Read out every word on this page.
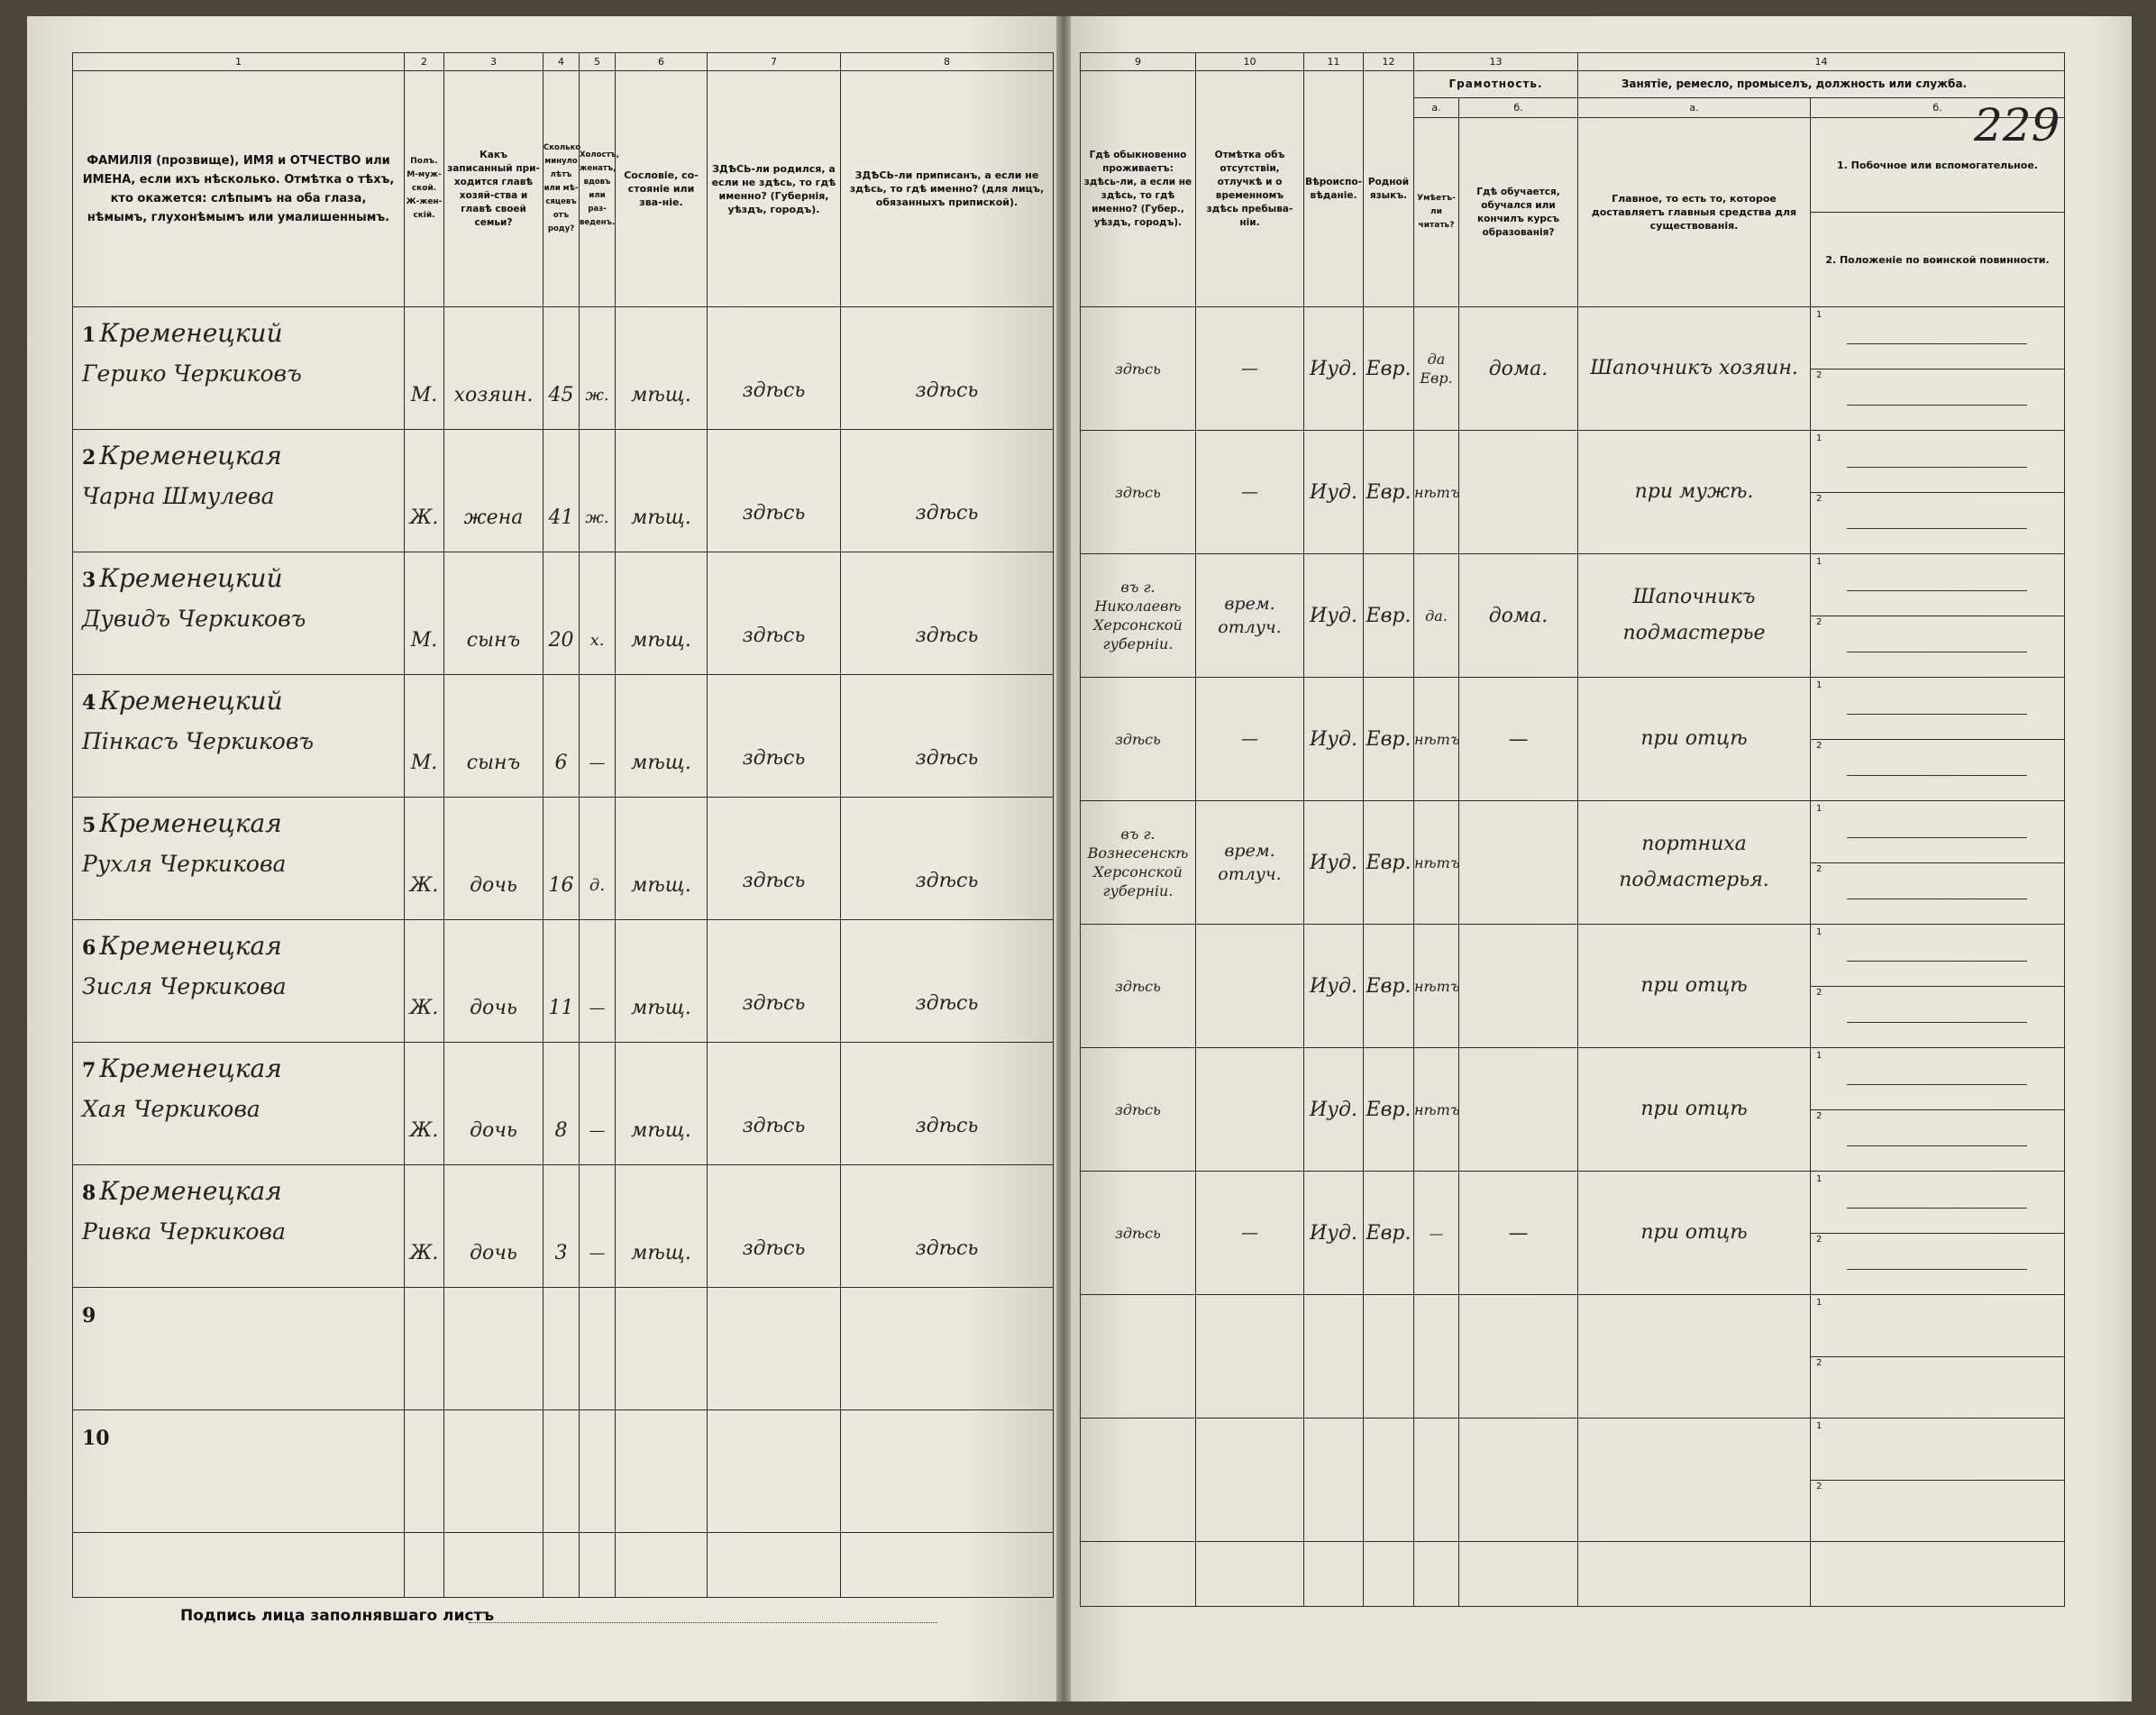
1	2	3	4	5	6	7	8
ФАМИЛІЯ (прозвище), ИМЯ и ОТЧЕСТВО или ИМЕНА, если ихъ нѣсколько. Отмѣтка о тѣхъ, кто окажется: слѣпымъ на оба глаза, нѣмымъ, глухонѣмымъ или умалишеннымъ.	Полъ. М-муж-ской. Ж-жен-скій.	Какъ записанный при-ходится главѣ хозяй-ства и главѣ своей семьи?	Сколько минуло лѣтъ или мѣ-сяцевъ отъ роду?	Холостъ, женатъ, вдовъ или раз-веденъ.	Сословіе, со-стояніе или зва-ніе.	ЗДѢСЬ-ли родился, а если не здѣсь, то гдѣ именно? (Губернія, уѣздъ, городъ).	ЗДѢСЬ-ли приписанъ, а если не здѣсь, то гдѣ именно? (для лицъ, обязанныхъ припиской).

1 Кременецкий
Герико Черкиковъ	М.	хозяин.	45	ж.	мѣщ.	здѣсь	здѣсь

2 Кременецкая
Чарна Шмулева	Ж.	жена	41	ж.	мѣщ.	здѣсь	здѣсь

3 Кременецкий
Дувидъ Черкиковъ	М.	сынъ	20	х.	мѣщ.	здѣсь	здѣсь

4 Кременецкий
Пінкасъ Черкиковъ	М.	сынъ	6	—	мѣщ.	здѣсь	здѣсь

5 Кременецкая
Рухля Черкикова	Ж.	дочь	16	д.	мѣщ.	здѣсь	здѣсь

6 Кременецкая
Зисля Черкикова	Ж.	дочь	11	—	мѣщ.	здѣсь	здѣсь

7 Кременецкая
Хая Черкикова	Ж.	дочь	8	—	мѣщ.	здѣсь	здѣсь

8 Кременецкая
Ривка Черкикова	Ж.	дочь	3	—	мѣщ.	здѣсь	здѣсь

9							

10							

9	10	11	12	13		14	
Гдѣ обыкновенно проживаетъ: здѣсь-ли, а если не здѣсь, то гдѣ именно? (Губер., уѣздъ, городъ).	Отмѣтка объ отсутствіи, отлучкѣ и о временномъ здѣсь пребыва-ніи.	Вѣроиспо-вѣданіе.	Родной языкъ.	Грамотность.		Занятіе, ремесло, промыселъ, должность или служба.	
				а.	б.	а.	б.
				Умѣетъ-ли читать?	Гдѣ обучается, обучался или кончилъ курсъ образованія?	Главное, то есть то, которое доставляетъ главныя средства для существованія.	1. Побочное или вспомогательное.
2. Положеніе по воинской повинности.

здѣсь	—	Иуд.	Евр.	да Евр.	дома.	Шапочникъ хозяин.	1
2

здѣсь	—	Иуд.	Евр.	нѣтъ		при мужѣ.	1
2

въ г. Николаевѣ Херсонской губерніи.	врем. отлуч.	Иуд.	Евр.	да.	дома.	Шапочникъ подмастерье	1
2

здѣсь	—	Иуд.	Евр.	нѣтъ	—	при отцѣ	1
2

въ г. Вознесенскѣ Херсонской губерніи.	врем. отлуч.	Иуд.	Евр.	нѣтъ		портниха подмастерья.	1
2

здѣсь		Иуд.	Евр.	нѣтъ		при отцѣ	1
2

здѣсь		Иуд.	Евр.	нѣтъ		при отцѣ	1
2

здѣсь	—	Иуд.	Евр.	—	—	при отцѣ	1
2

							1
2

							1
2

229
Подпись лица заполнявшаго листъ
